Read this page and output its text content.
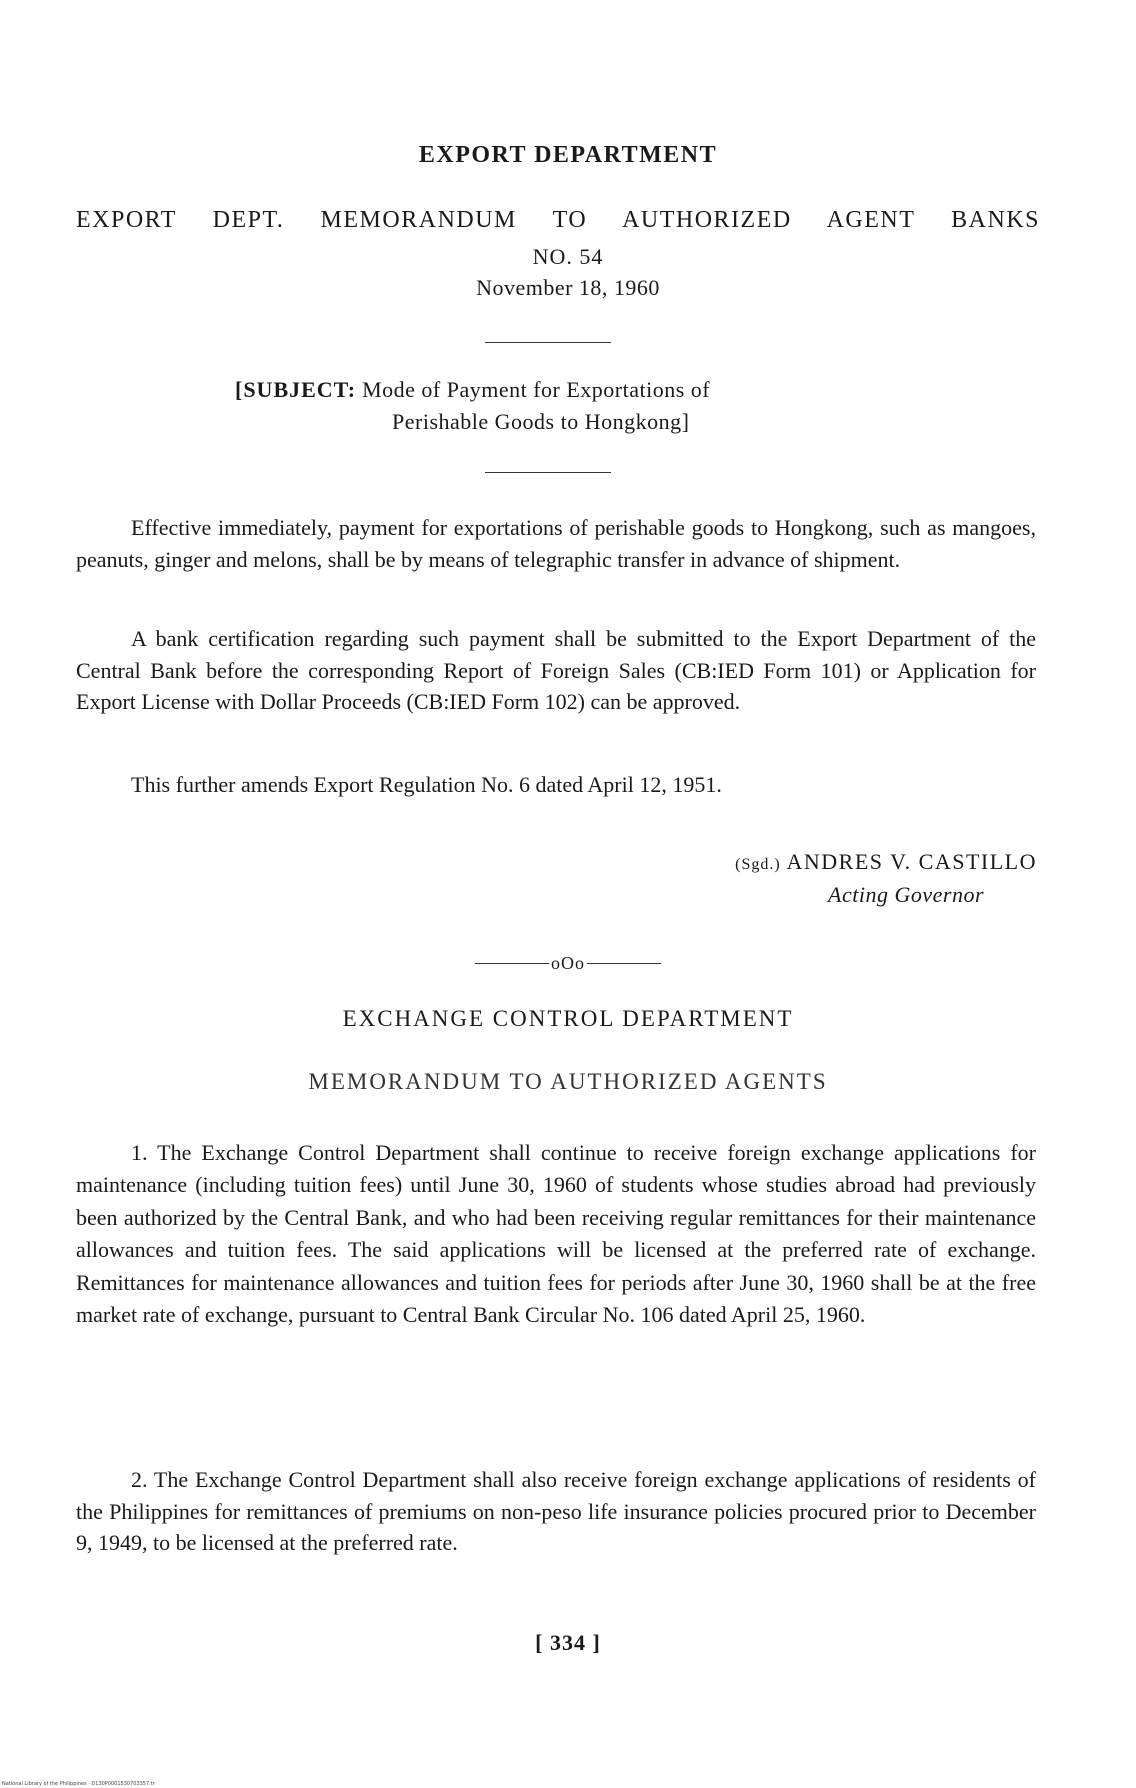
EXPORT DEPARTMENT
EXPORT DEPT. MEMORANDUM TO AUTHORIZED AGENT BANKS
NO. 54
November 18, 1960
[SUBJECT: Mode of Payment for Exportations of
Perishable Goods to Hongkong]
Effective immediately, payment for exportations of perishable goods to Hongkong, such as mangoes, peanuts, ginger and melons, shall be by means of telegraphic transfer in advance of shipment.
A bank certification regarding such payment shall be submitted to the Export Department of the Central Bank before the corresponding Report of Foreign Sales (CB:IED Form 101) or Application for Export License with Dollar Proceeds (CB:IED Form 102) can be approved.
This further amends Export Regulation No. 6 dated April 12, 1951.
(Sgd.) ANDRES V. CASTILLO
Acting Governor
oOo
EXCHANGE CONTROL DEPARTMENT
MEMORANDUM TO AUTHORIZED AGENTS
1. The Exchange Control Department shall continue to receive foreign exchange applications for maintenance (including tuition fees) until June 30, 1960 of students whose studies abroad had previously been authorized by the Central Bank, and who had been receiving regular remittances for their maintenance allowances and tuition fees. The said applications will be licensed at the preferred rate of exchange. Remittances for maintenance allowances and tuition fees for periods after June 30, 1960 shall be at the free market rate of exchange, pursuant to Central Bank Circular No. 106 dated April 25, 1960.
2. The Exchange Control Department shall also receive foreign exchange applications of residents of the Philippines for remittances of premiums on non-peso life insurance policies procured prior to December 9, 1949, to be licensed at the preferred rate.
[ 334 ]
National Library of the Philippines · D130P0001530703357.tr
